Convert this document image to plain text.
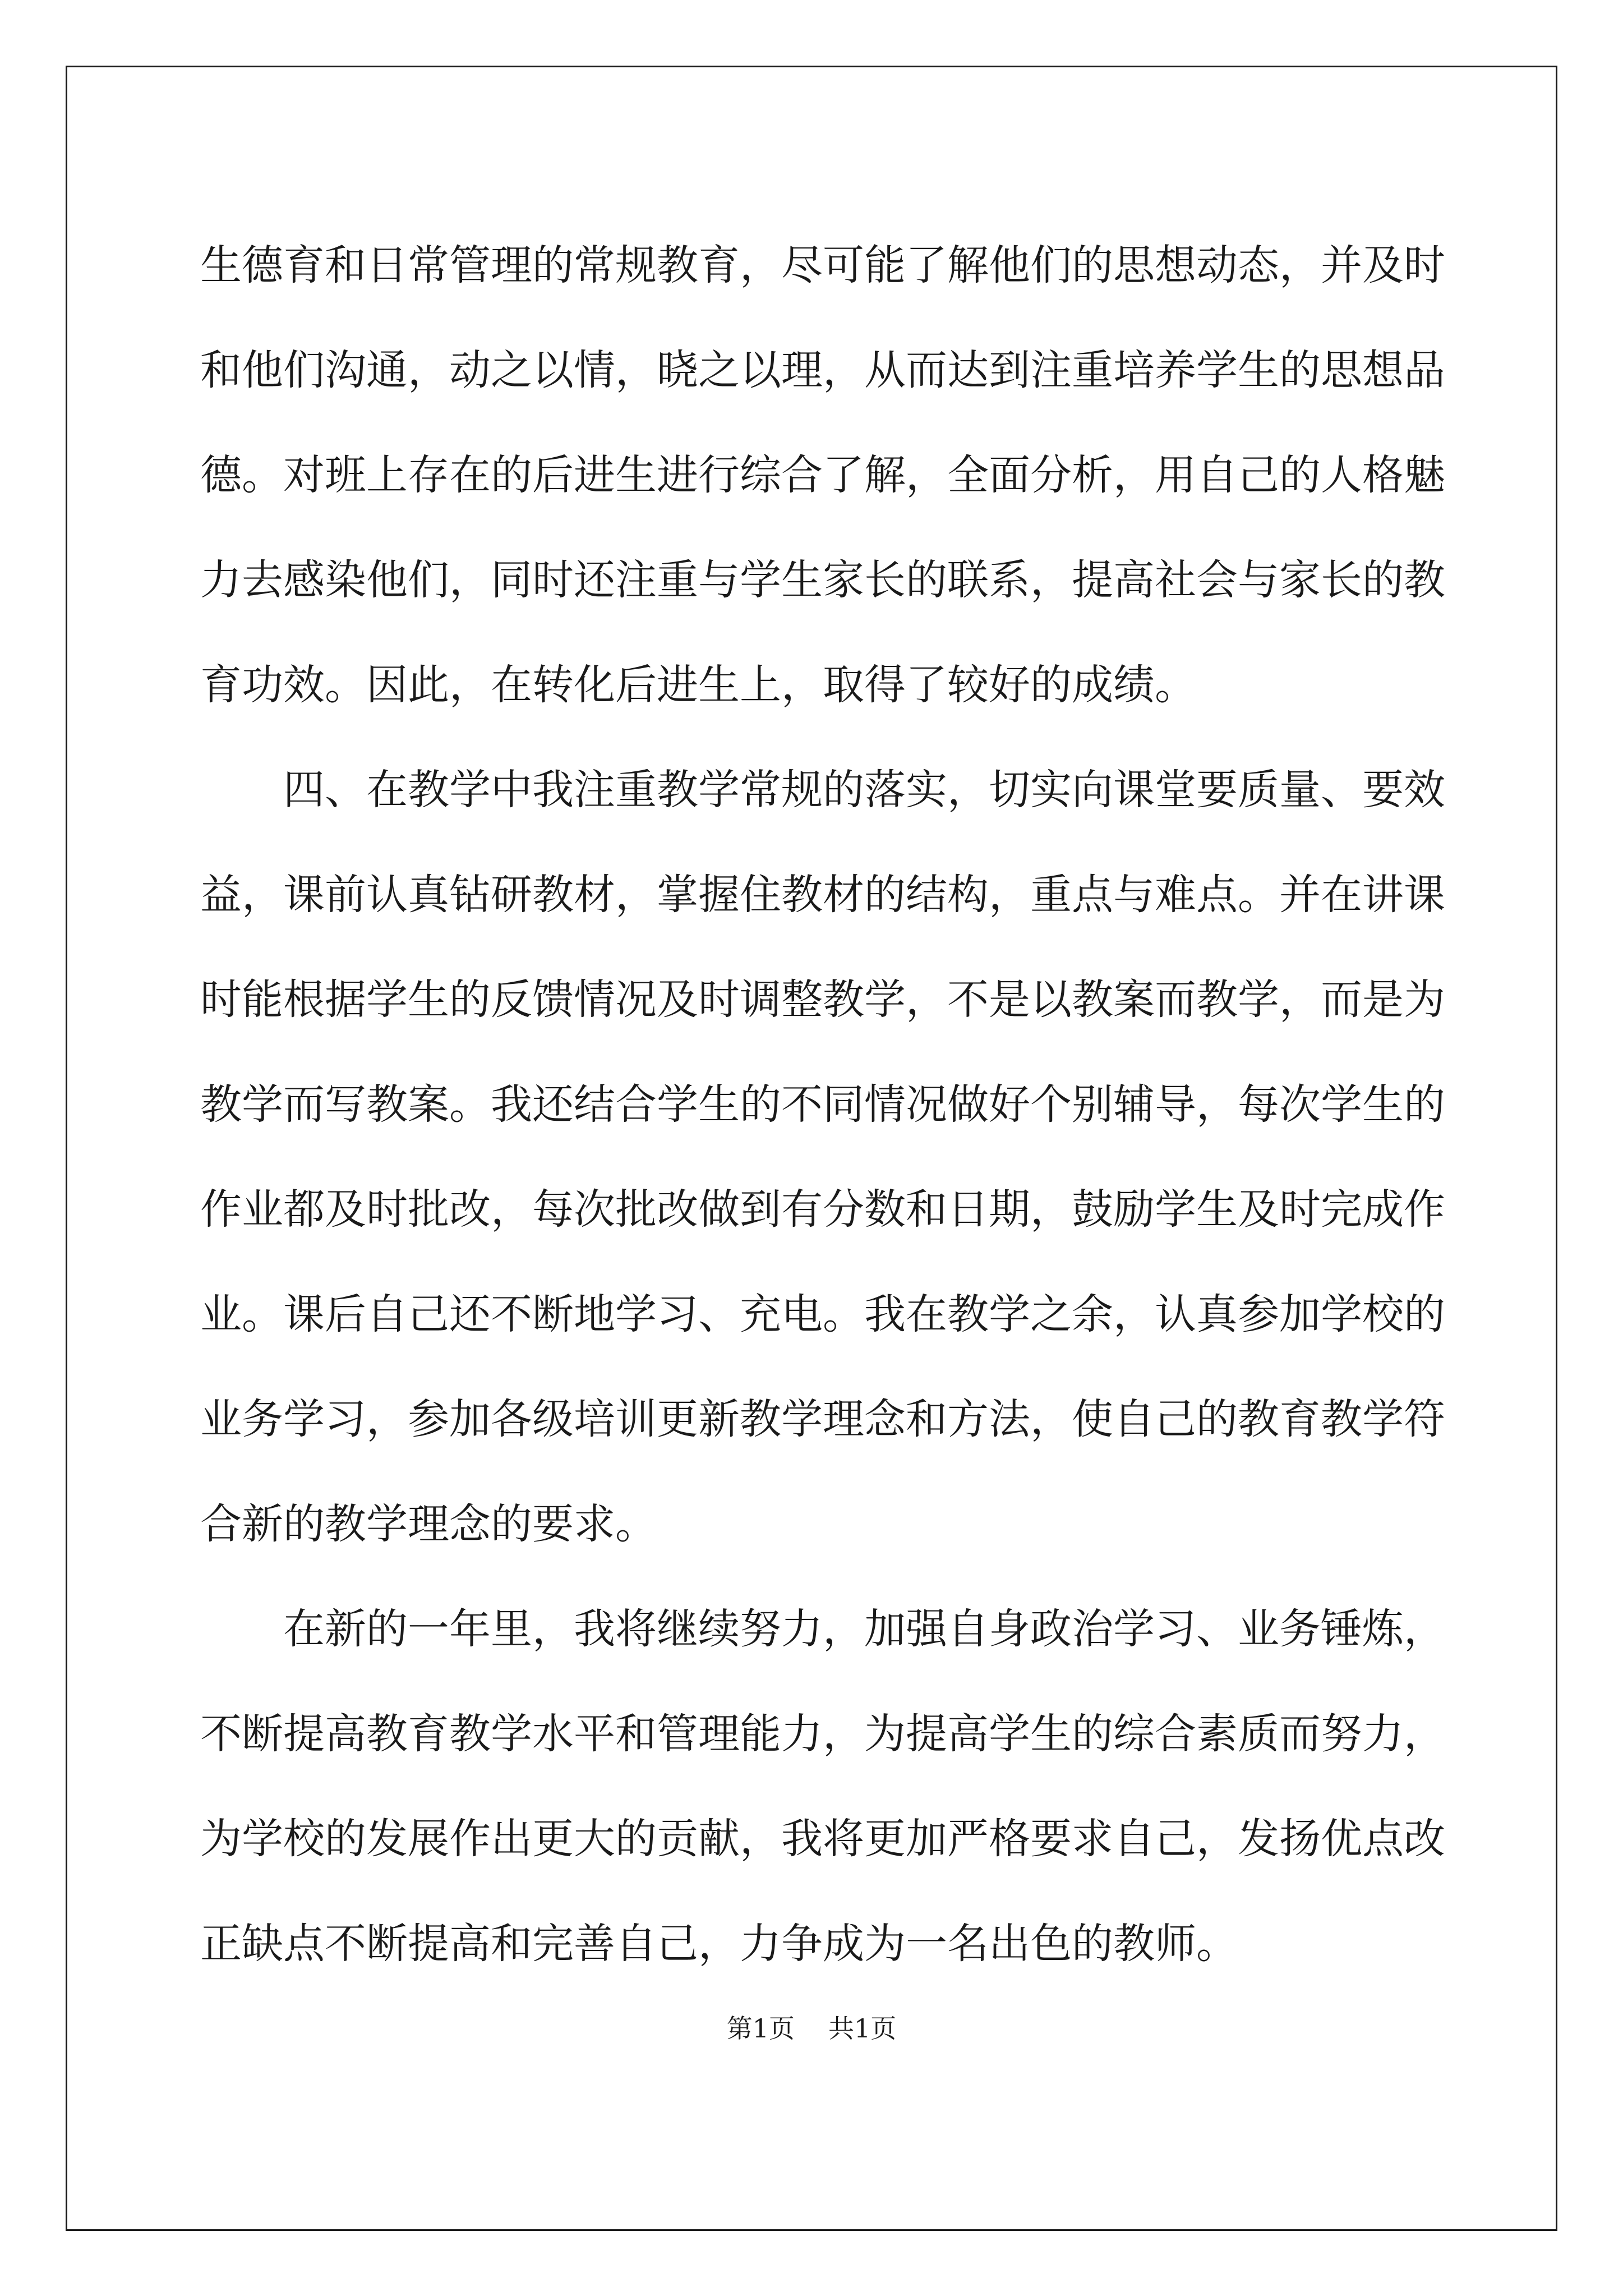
生德育和日常管理的常规教育，尽可能了解他们的思想动态，并及时
和他们沟通，动之以情，晓之以理，从而达到注重培养学生的思想品
德。对班上存在的后进生进行综合了解，全面分析，用自己的人格魅
力去感染他们，同时还注重与学生家长的联系，提高社会与家长的教
育功效。因此，在转化后进生上，取得了较好的成绩。
　　四、在教学中我注重教学常规的落实，切实向课堂要质量、要效
益，课前认真钻研教材，掌握住教材的结构，重点与难点。并在讲课
时能根据学生的反馈情况及时调整教学，不是以教案而教学，而是为
教学而写教案。我还结合学生的不同情况做好个别辅导，每次学生的
作业都及时批改，每次批改做到有分数和日期，鼓励学生及时完成作
业。课后自己还不断地学习、充电。我在教学之余，认真参加学校的
业务学习，参加各级培训更新教学理念和方法，使自己的教育教学符
合新的教学理念的要求。
　　在新的一年里，我将继续努力，加强自身政治学习、业务锤炼，
不断提高教育教学水平和管理能力，为提高学生的综合素质而努力，
为学校的发展作出更大的贡献，我将更加严格要求自己，发扬优点改
正缺点不断提高和完善自己，力争成为一名出色的教师。
第1页 共1页
